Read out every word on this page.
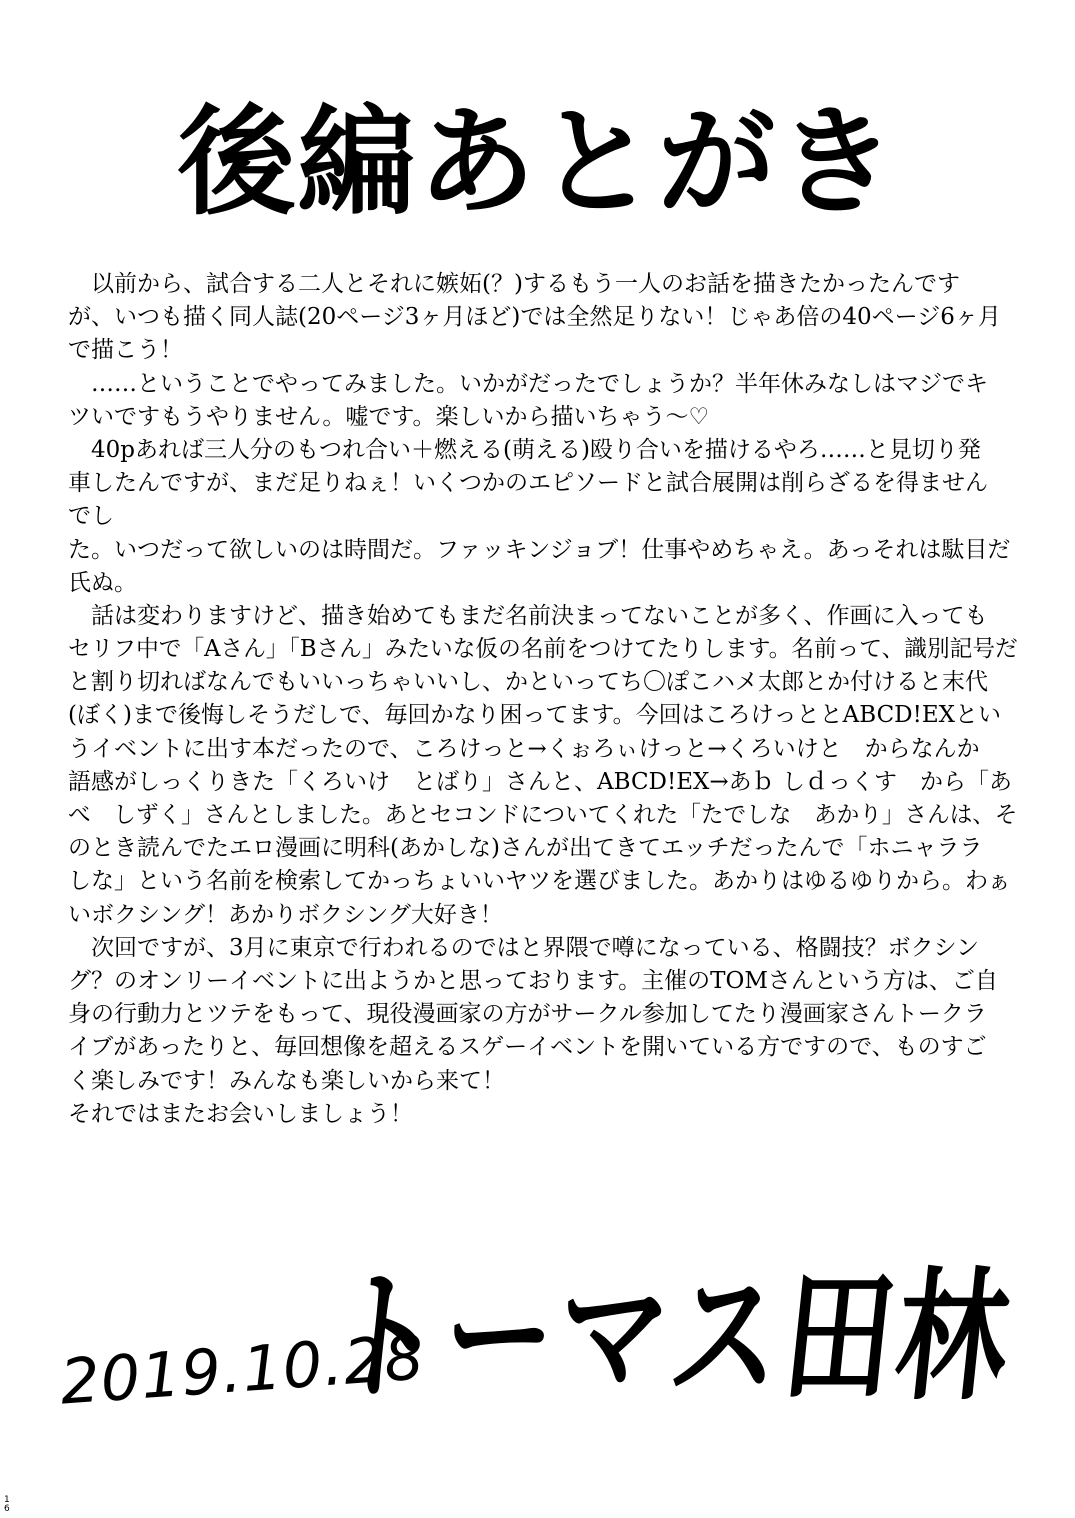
後編あとがき
　以前から、試合する二人とそれに嫉妬(？)するもう一人のお話を描きたかったんです
が、いつも描く同人誌(20ページ3ヶ月ほど)では全然足りない！じゃあ倍の40ページ6ヶ月
で描こう！
　……ということでやってみました。いかがだったでしょうか？半年休みなしはマジでキ
ツいですもうやりません。嘘です。楽しいから描いちゃう～♡
　40pあれば三人分のもつれ合い＋燃える(萌える)殴り合いを描けるやろ……と見切り発
車したんですが、まだ足りねぇ！いくつかのエピソードと試合展開は削らざるを得ません
でし
た。いつだって欲しいのは時間だ。ファッキンジョブ！仕事やめちゃえ。あっそれは駄目だ
氏ぬ。
　話は変わりますけど、描き始めてもまだ名前決まってないことが多く、作画に入っても
セリフ中で「Aさん」「Bさん」みたいな仮の名前をつけてたりします。名前って、識別記号だ
と割り切ればなんでもいいっちゃいいし、かといってち〇ぽこハメ太郎とか付けると末代
(ぼく)まで後悔しそうだしで、毎回かなり困ってます。今回はころけっととABCD!EXとい
うイベントに出す本だったので、ころけっと→くぉろぃけっと→くろいけと　からなんか
語感がしっくりきた「くろいけ　とばり」さんと、ABCD!EX→あｂ しｄっくす　から「あ
べ　しずく」さんとしました。あとセコンドについてくれた「たでしな　あかり」さんは、そ
のとき読んでたエロ漫画に明科(あかしな)さんが出てきてエッチだったんで「ホニャララ
しな」という名前を検索してかっちょいいヤツを選びました。あかりはゆるゆりから。わぁ
いボクシング！あかりボクシング大好き！
　次回ですが、3月に東京で行われるのではと界隈で噂になっている、格闘技？ボクシン
グ？のオンリーイベントに出ようかと思っております。主催のTOMさんという方は、ご自
身の行動力とツテをもって、現役漫画家の方がサークル参加してたり漫画家さんトークラ
イブがあったりと、毎回想像を超えるスゲーイベントを開いている方ですので、ものすご
く楽しみです！みんなも楽しいから来て！
それではまたお会いしましょう！
2019.10.28
トーマス田林
16
